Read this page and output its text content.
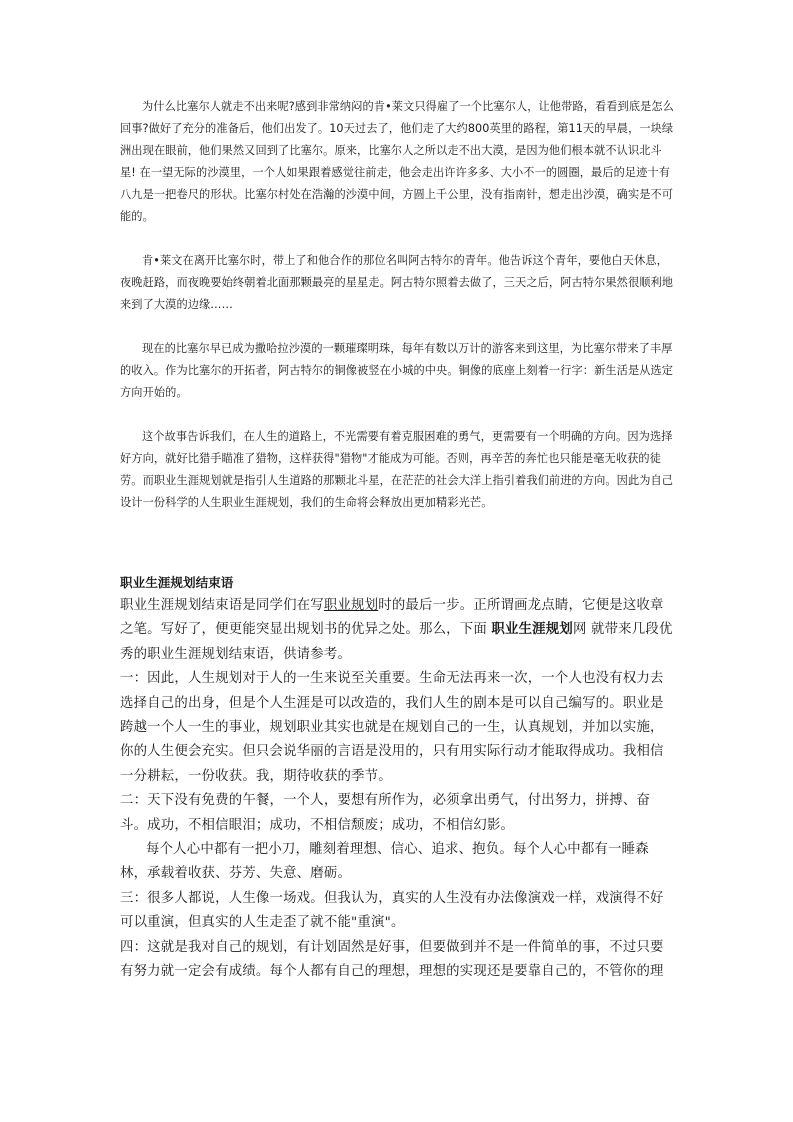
为什么比塞尔人就走不出来呢?感到非常纳闷的肯•莱文只得雇了一个比塞尔人，让他带路，看看到底是怎么回事?做好了充分的准备后，他们出发了。10天过去了，他们走了大约800英里的路程，第11天的早晨，一块绿洲出现在眼前，他们果然又回到了比塞尔。原来，比塞尔人之所以走不出大漠，是因为他们根本就不认识北斗星! 在一望无际的沙漠里，一个人如果跟着感觉往前走，他会走出许许多多、大小不一的圆圈，最后的足迹十有八九是一把卷尺的形状。比塞尔村处在浩瀚的沙漠中间，方圆上千公里，没有指南针，想走出沙漠，确实是不可能的。

肯•莱文在离开比塞尔时，带上了和他合作的那位名叫阿古特尔的青年。他告诉这个青年，要他白天休息，夜晚赶路，而夜晚要始终朝着北面那颗最亮的星星走。阿古特尔照着去做了，三天之后，阿古特尔果然很顺利地来到了大漠的边缘……

现在的比塞尔早已成为撒哈拉沙漠的一颗璀璨明珠，每年有数以万计的游客来到这里，为比塞尔带来了丰厚的收入。作为比塞尔的开拓者，阿古特尔的铜像被竖在小城的中央。铜像的底座上刻着一行字：新生活是从选定方向开始的。

这个故事告诉我们，在人生的道路上，不光需要有着克服困难的勇气，更需要有一个明确的方向。因为选择好方向，就好比猎手瞄准了猎物，这样获得"猎物"才能成为可能。否则，再辛苦的奔忙也只能是毫无收获的徒劳。而职业生涯规划就是指引人生道路的那颗北斗星，在茫茫的社会大洋上指引着我们前进的方向。因此为自己设计一份科学的人生职业生涯规划，我们的生命将会释放出更加精彩光芒。

职业生涯规划结束语

职业生涯规划结束语是同学们在写职业规划时的最后一步。正所谓画龙点睛，它便是这收章之笔。写好了，便更能突显出规划书的优异之处。那么，下面 职业生涯规划网 就带来几段优秀的职业生涯规划结束语，供请参考。

一：因此，人生规划对于人的一生来说至关重要。生命无法再来一次，一个人也没有权力去选择自己的出身，但是个人生涯是可以改造的，我们人生的剧本是可以自己编写的。职业是跨越一个人一生的事业，规划职业其实也就是在规划自己的一生，认真规划，并加以实施，你的人生便会充实。但只会说华丽的言语是没用的，只有用实际行动才能取得成功。我相信一分耕耘，一份收获。我，期待收获的季节。

二：天下没有免费的午餐，一个人，要想有所作为，必须拿出勇气，付出努力，拼搏、奋斗。成功，不相信眼泪；成功，不相信颓废；成功，不相信幻影。

每个人心中都有一把小刀，雕刻着理想、信心、追求、抱负。每个人心中都有一睡森林，承载着收获、芬芳、失意、磨砺。

三：很多人都说，人生像一场戏。但我认为，真实的人生没有办法像演戏一样，戏演得不好可以重演，但真实的人生走歪了就不能"重演"。

四：这就是我对自己的规划，有计划固然是好事，但要做到并不是一件简单的事，不过只要有努力就一定会有成绩。每个人都有自己的理想，理想的实现还是要靠自己的，不管你的理
